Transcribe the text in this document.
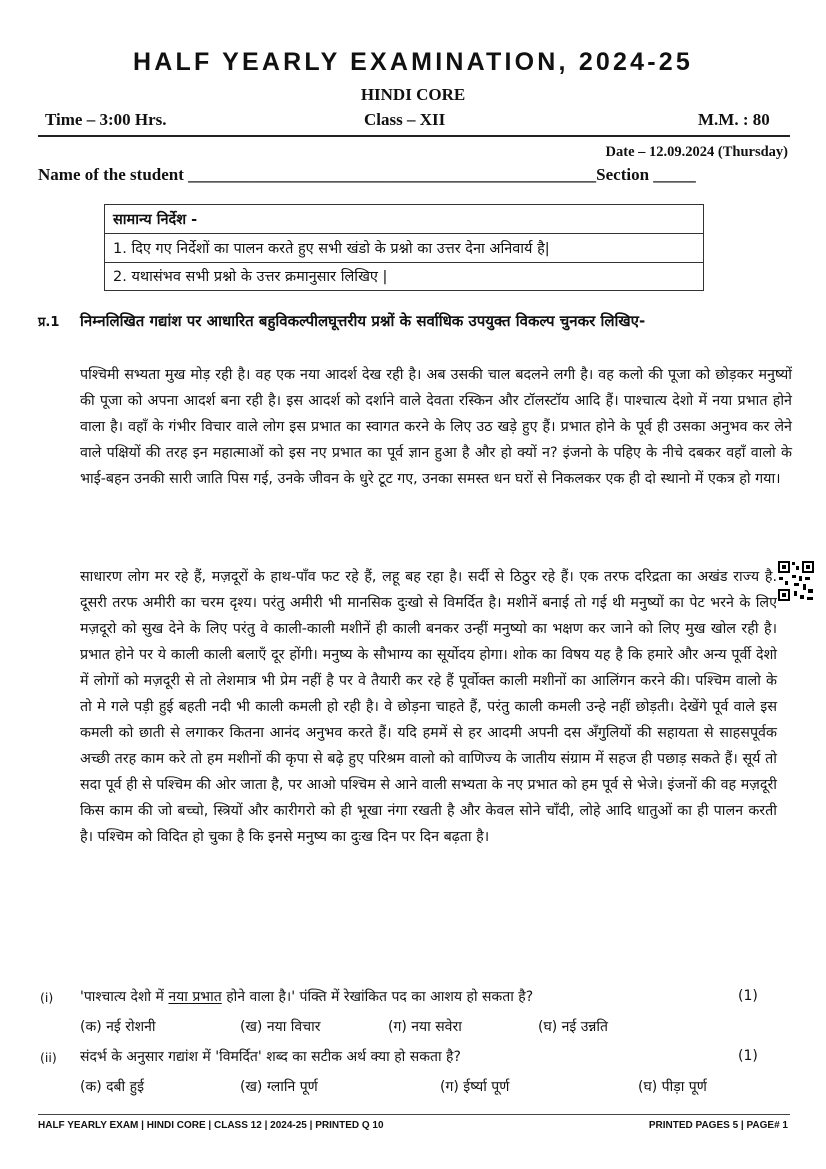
HALF YEARLY EXAMINATION, 2024-25
HINDI CORE
Time – 3:00 Hrs.	Class – XII	M.M. : 80
Date – 12.09.2024 (Thursday)
Name of the student ________________________________________________Section _____
सामान्य निर्देश -
1. दिए गए निर्देशों का पालन करते हुए सभी खंडो के प्रश्नो का उत्तर देना अनिवार्य है|
2. यथासंभव सभी प्रश्नो के उत्तर क्रमानुसार लिखिए |
प्र.1 निम्नलिखित गद्यांश पर आधारित बहुविकल्पीलघूत्तरीय प्रश्नों के सर्वाधिक उपयुक्त विकल्प चुनकर लिखिए-
पश्चिमी सभ्यता मुख मोड़ रही है। वह एक नया आदर्श देख रही है। अब उसकी चाल बदलने लगी है। वह कलो की पूजा को छोड़कर मनुष्यों की पूजा को अपना आदर्श बना रही है। इस आदर्श को दर्शाने वाले देवता रस्किन और टॉलस्टॉय आदि हैं। पाश्चात्य देशो में नया प्रभात होने वाला है। वहाँ के गंभीर विचार वाले लोग इस प्रभात का स्वागत करने के लिए उठ खड़े हुए हैं। प्रभात होने के पूर्व ही उसका अनुभव कर लेने वाले पक्षियों की तरह इन महात्माओं को इस नए प्रभात का पूर्व ज्ञान हुआ है और हो क्यों न? इंजनो के पहिए के नीचे दबकर वहाँ वालो के भाई-बहन उनकी सारी जाति पिस गई, उनके जीवन के धुरे टूट गए, उनका समस्त धन घरों से निकलकर एक ही दो स्थानो में एकत्र हो गया।
साधारण लोग मर रहे हैं, मज़दूरों के हाथ-पाँव फट रहे हैं, लहू बह रहा है। सर्दी से ठिठुर रहे हैं। एक तरफ दरिद्रता का अखंड राज्य है. दूसरी तरफ अमीरी का चरम दृश्य। परंतु अमीरी भी मानसिक दुःखो से विमर्दित है। मशीनें बनाई तो गई थी मनुष्यों का पेट भरने के लिए मज़दूरो को सुख देने के लिए परंतु वे काली-काली मशीनें ही काली बनकर उन्हीं मनुष्यो का भक्षण कर जाने को लिए मुख खोल रही है। प्रभात होने पर ये काली काली बलाएँ दूर होंगी। मनुष्य के सौभाग्य का सूर्योदय होगा। शोक का विषय यह है कि हमारे और अन्य पूर्वी देशो में लोगों को मज़दूरी से तो लेशमात्र भी प्रेम नहीं है पर वे तैयारी कर रहे हैं पूर्वोक्त काली मशीनों का आलिंगन करने की। पश्चिम वालो के तो मे गले पड़ी हुई बहती नदी भी काली कमली हो रही है। वे छोड़ना चाहते हैं, परंतु काली कमली उन्हे नहीं छोड़ती। देखेंगे पूर्व वाले इस कमली को छाती से लगाकर कितना आनंद अनुभव करते हैं। यदि हममें से हर आदमी अपनी दस अँगुलियों की सहायता से साहसपूर्वक अच्छी तरह काम करे तो हम मशीनों की कृपा से बढ़े हुए परिश्रम वालो को वाणिज्य के जातीय संग्राम में सहज ही पछाड़ सकते हैं। सूर्य तो सदा पूर्व ही से पश्चिम की ओर जाता है, पर आओ पश्चिम से आने वाली सभ्यता के नए प्रभात को हम पूर्व से भेजे। इंजनों की वह मज़दूरी किस काम की जो बच्चो, स्त्रियों और कारीगरो को ही भूखा नंगा रखती है और केवल सोने चाँदी, लोहे आदि धातुओं का ही पालन करती है। पश्चिम को विदित हो चुका है कि इनसे मनुष्य का दुःख दिन पर दिन बढ़ता है।
(i) 'पाश्चात्य देशो में नया प्रभात होने वाला है।' पंक्ति में रेखांकित पद का आशय हो सकता है?	(1)
(क) नई रोशनी	(ख) नया विचार	(ग) नया सवेरा	(घ) नई उन्नति
(ii) संदर्भ के अनुसार गद्यांश में 'विमर्दित' शब्द का सटीक अर्थ क्या हो सकता है?	(1)
(क) दबी हुई	(ख) ग्लानि पूर्ण	(ग) ईर्ष्या पूर्ण	(घ) पीड़ा पूर्ण
HALF YEARLY EXAM | HINDI CORE | CLASS 12 | 2024-25 | PRINTED Q 10	PRINTED PAGES 5 | PAGE# 1
